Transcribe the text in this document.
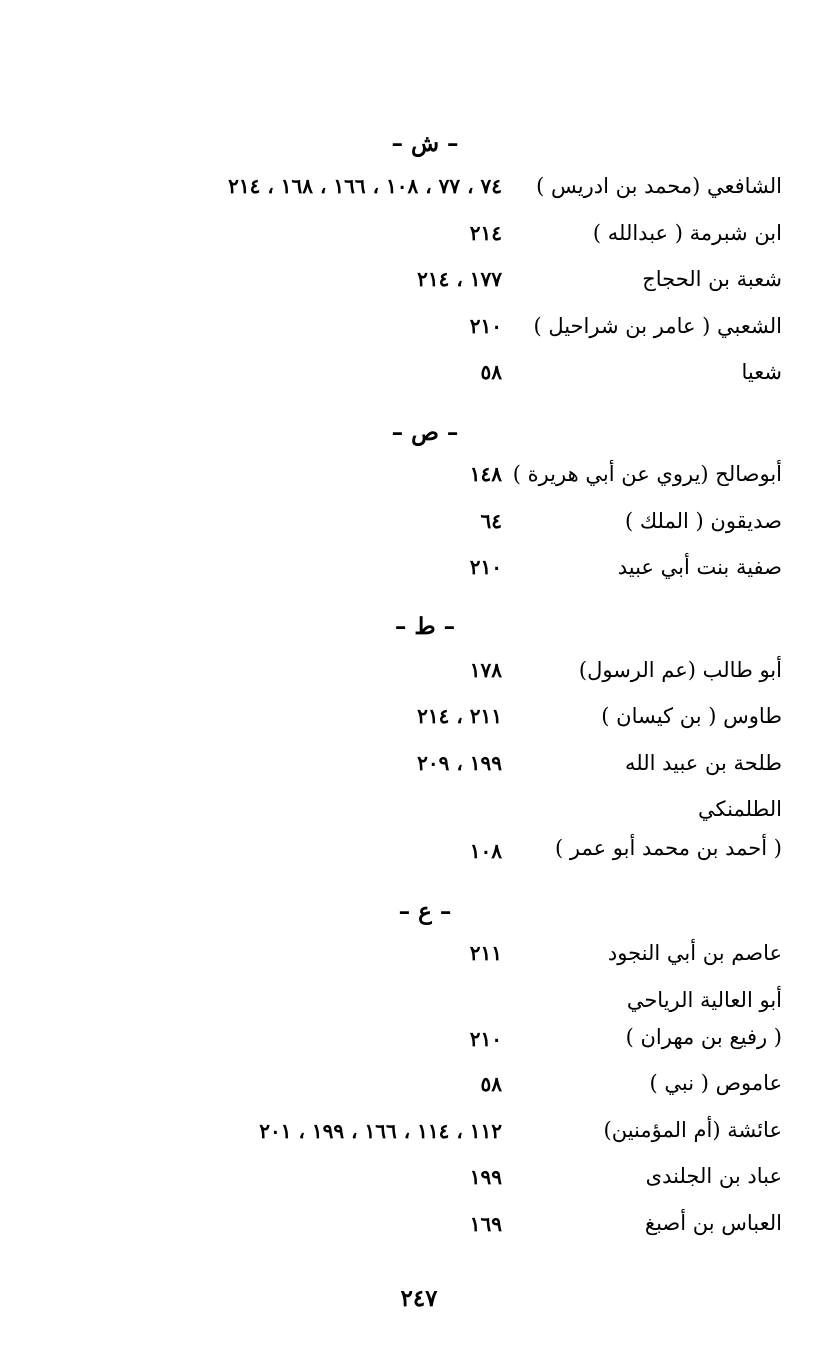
– ش –
الشافعي (محمد بن ادريس )
٧٤ ، ٧٧ ، ١٠٨ ، ١٦٦ ، ١٦٨ ، ٢١٤
ابن شبرمة ( عبدالله )
٢١٤
شعبة بن الحجاج
١٧٧ ، ٢١٤
الشعبي ( عامر بن شراحيل )
٢١٠
شعيا
٥٨
– ص –
أبوصالح (يروي عن أبي هريرة )
١٤٨
صديقون ( الملك )
٦٤
صفية بنت أبي عبيد
٢١٠
– ط –
أبو طالب (عم الرسول)
١٧٨
طاوس ( بن كيسان )
٢١١ ، ٢١٤
طلحة بن عبيد الله
١٩٩ ، ٢٠٩
الطلمنكي
( أحمد بن محمد أبو عمر )
١٠٨
– ع –
عاصم بن أبي النجود
٢١١
أبو العالية الرياحي
( رفيع بن مهران )
٢١٠
عاموص ( نبي )
٥٨
عائشة (أم المؤمنين)
١١٢ ، ١١٤ ، ١٦٦ ، ١٩٩ ، ٢٠١
عباد بن الجلندى
١٩٩
العباس بن أصبغ
١٦٩
٢٤٧
